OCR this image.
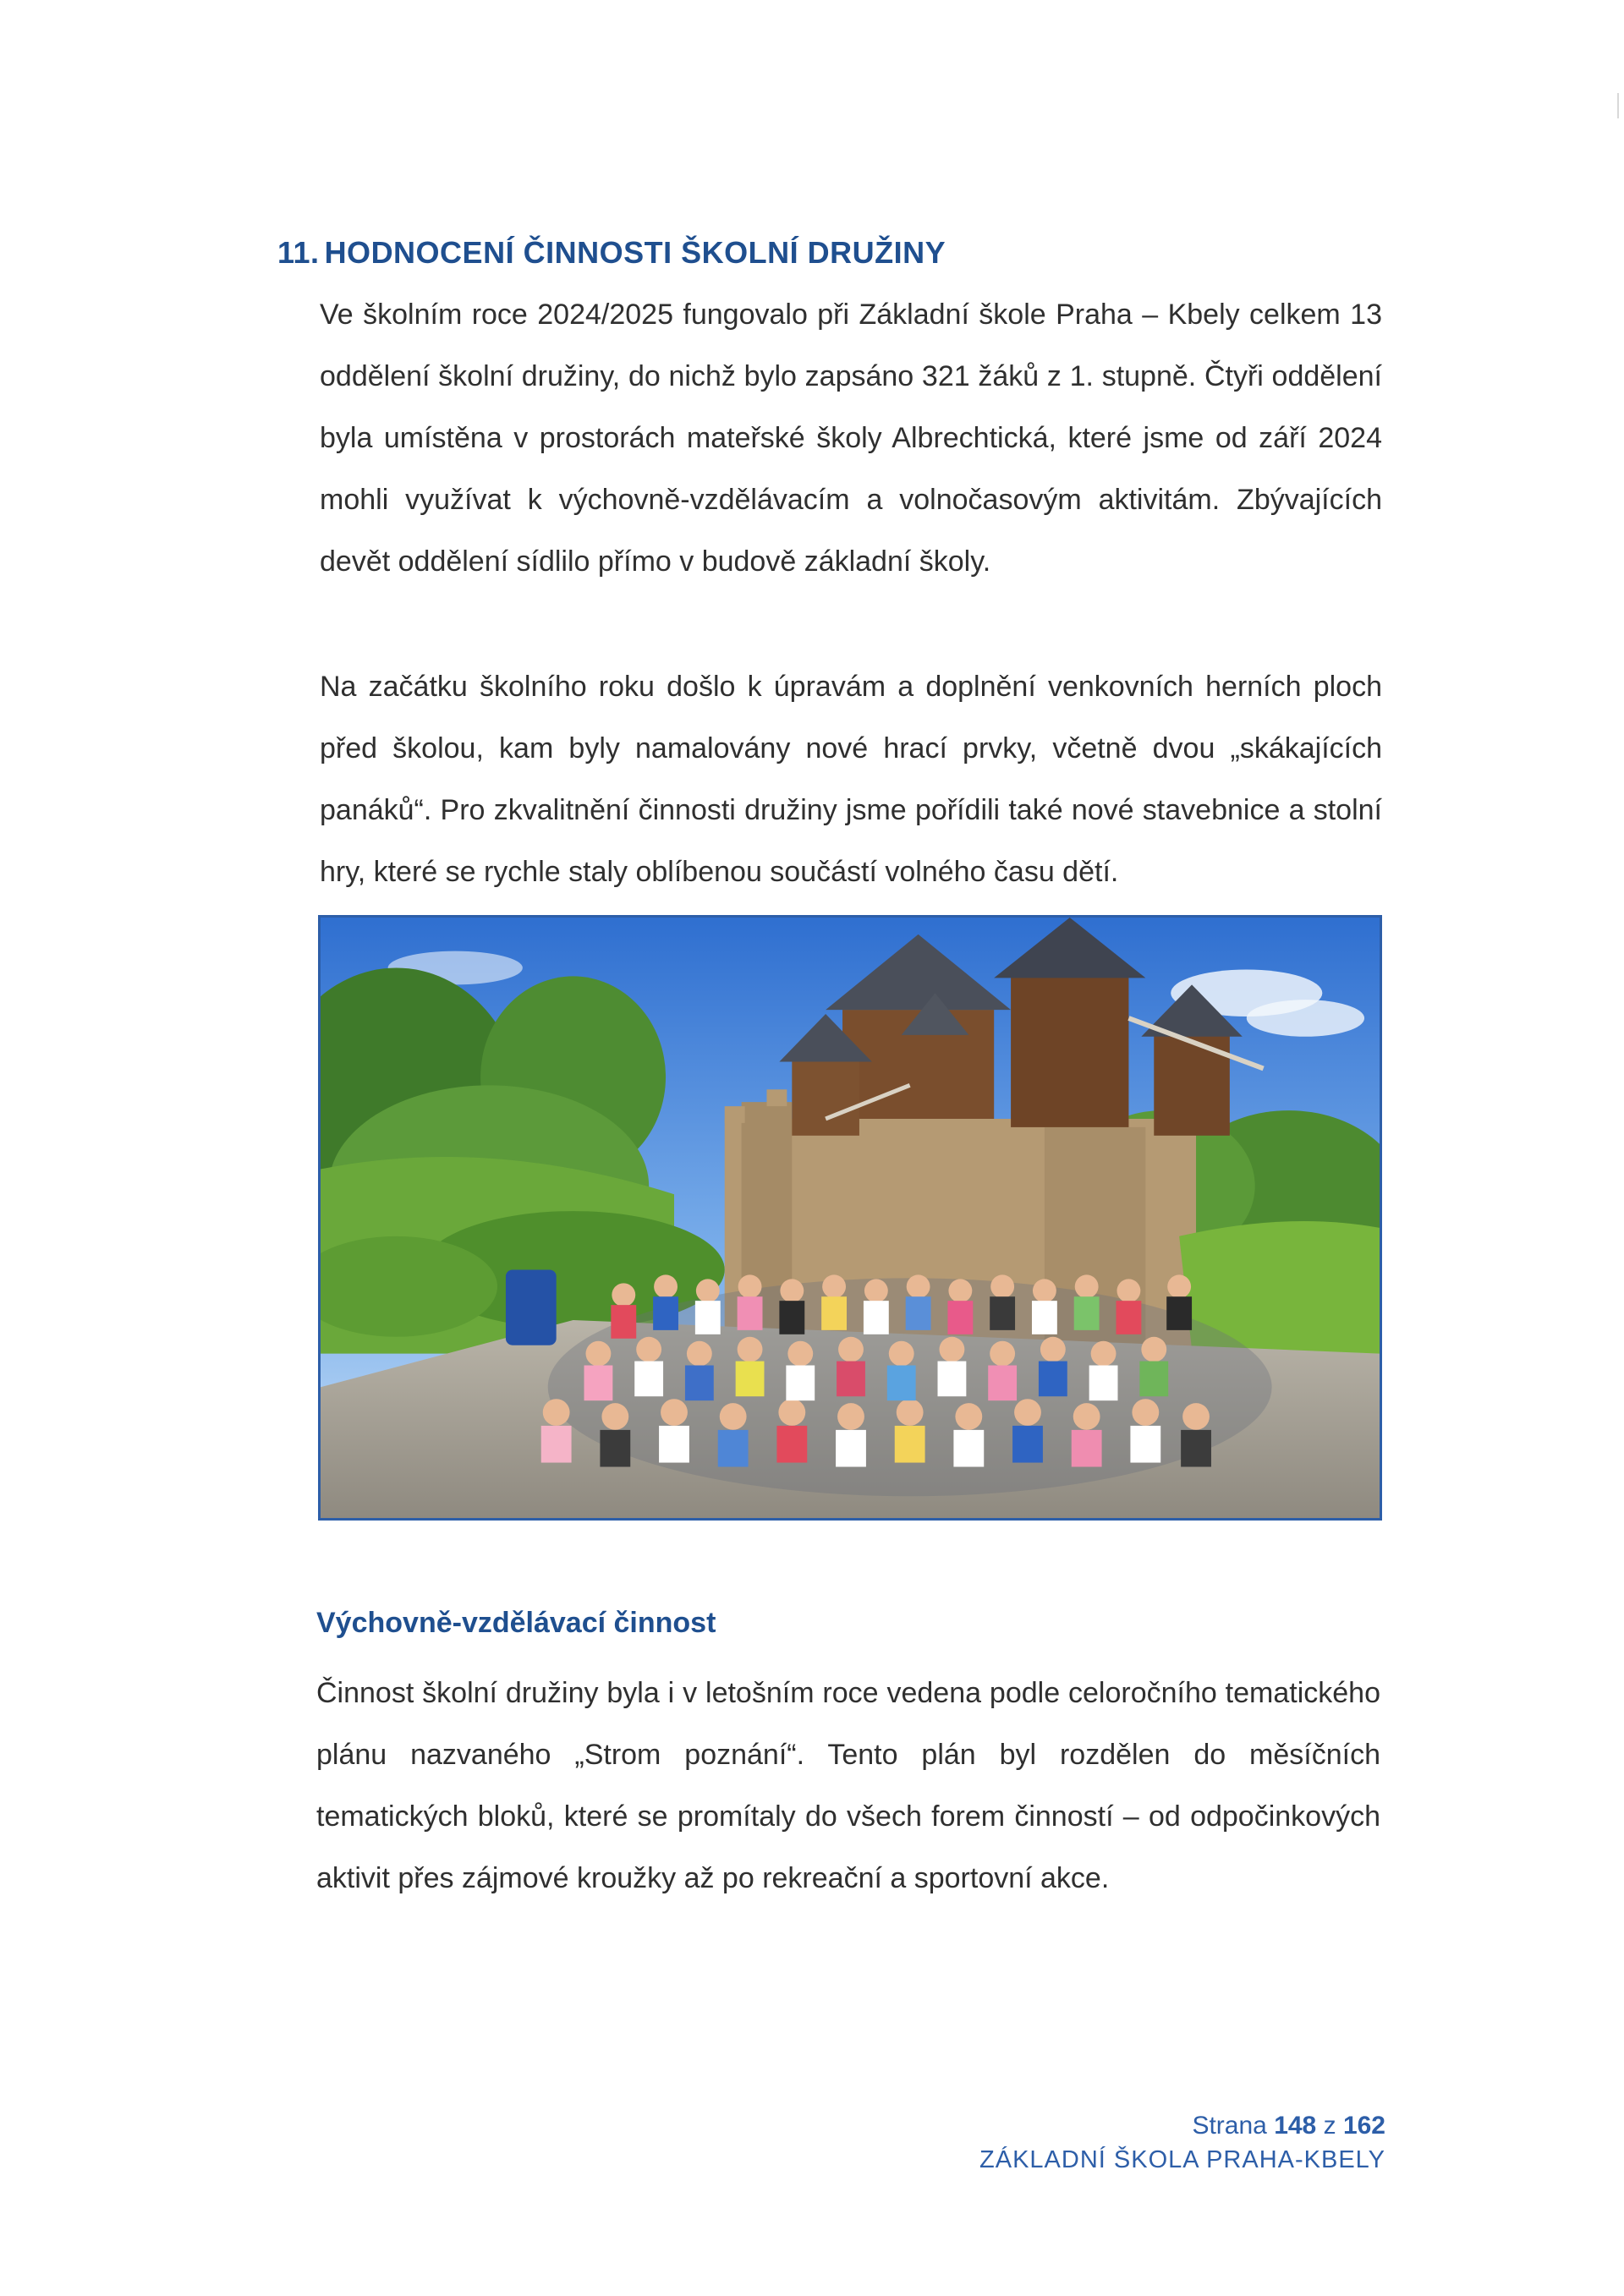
11. HODNOCENÍ ČINNOSTI ŠKOLNÍ DRUŽINY

Ve školním roce 2024/2025 fungovalo při Základní škole Praha – Kbely celkem 13 oddělení školní družiny, do nichž bylo zapsáno 321 žáků z 1. stupně. Čtyři oddělení byla umístěna v prostorách mateřské školy Albrechtická, které jsme od září 2024 mohli využívat k výchovně-vzdělávacím a volnočasovým aktivitám. Zbývajících devět oddělení sídlilo přímo v budově základní školy.

Na začátku školního roku došlo k úpravám a doplnění venkovních herních ploch před školou, kam byly namalovány nové hrací prvky, včetně dvou „skákajících panáků“. Pro zkvalitnění činnosti družiny jsme pořídili také nové stavebnice a stolní hry, které se rychle staly oblíbenou součástí volného času dětí.

Výchovně-vzdělávací činnost

Činnost školní družiny byla i v letošním roce vedena podle celoročního tematického plánu nazvaného „Strom poznání“. Tento plán byl rozdělen do měsíčních tematických bloků, které se promítaly do všech forem činností – od odpočinkových aktivit přes zájmové kroužky až po rekreační a sportovní akce.

Strana 148 z 162
ZÁKLADNÍ ŠKOLA PRAHA-KBELY
